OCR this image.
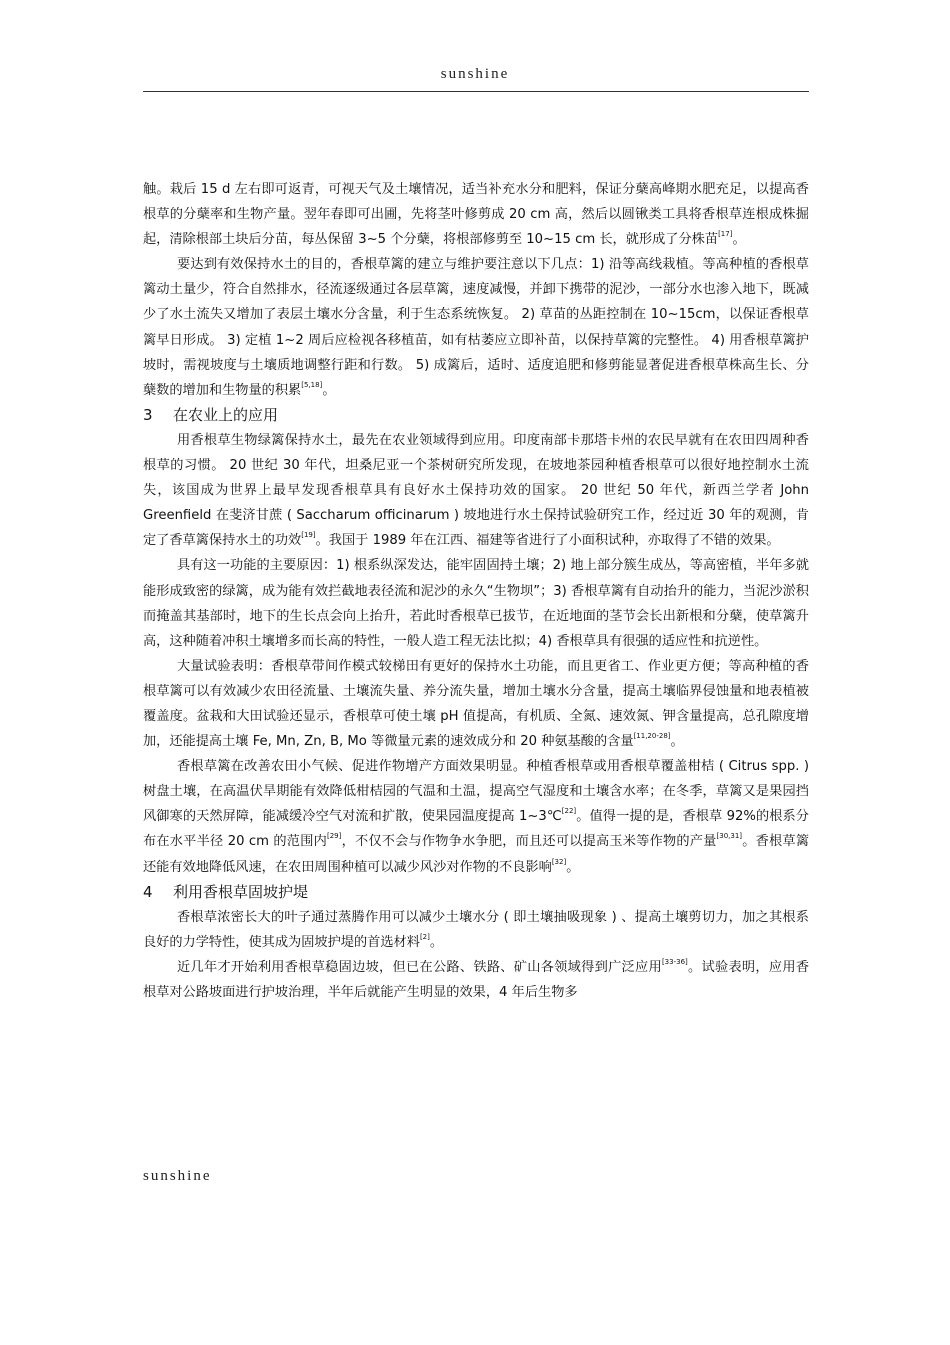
sunshine

触。栽后 15 d 左右即可返青，可视天气及土壤情况，适当补充水分和肥料，保证分蘖高峰期水肥充足，以提高香根草的分蘖率和生物产量。翌年春即可出圃，先将茎叶修剪成 20 cm 高，然后以圆锹类工具将香根草连根成株掘起，清除根部土块后分苗，每丛保留 3~5 个分蘖，将根部修剪至 10~15 cm 长，就形成了分株苗[17]。

要达到有效保持水土的目的，香根草篱的建立与维护要注意以下几点：1) 沿等高线栽植。等高种植的香根草篱动土量少，符合自然排水，径流逐级通过各层草篱，速度减慢，并卸下携带的泥沙，一部分水也渗入地下，既减少了水土流失又增加了表层土壤水分含量，利于生态系统恢复。 2) 草苗的丛距控制在 10~15cm，以保证香根草篱早日形成。 3) 定植 1~2 周后应检视各移植苗，如有枯萎应立即补苗，以保持草篱的完整性。 4) 用香根草篱护坡时，需视坡度与土壤质地调整行距和行数。 5) 成篱后，适时、适度追肥和修剪能显著促进香根草株高生长、分蘖数的增加和生物量的积累[5,18]。

3 在农业上的应用

用香根草生物绿篱保持水土，最先在农业领域得到应用。印度南部卡那塔卡州的农民早就有在农田四周种香根草的习惯。 20 世纪 30 年代，坦桑尼亚一个茶树研究所发现，在坡地茶园种植香根草可以很好地控制水土流失，该国成为世界上最早发现香根草具有良好水土保持功效的国家。 20 世纪 50 年代，新西兰学者 John Greenfield 在斐济甘蔗 ( Saccharum officinarum ) 坡地进行水土保持试验研究工作，经过近 30 年的观测，肯定了香草篱保持水土的功效[19]。我国于 1989 年在江西、福建等省进行了小面积试种，亦取得了不错的效果。

具有这一功能的主要原因：1) 根系纵深发达，能牢固固持土壤；2) 地上部分簇生成丛，等高密植，半年多就能形成致密的绿篱，成为能有效拦截地表径流和泥沙的永久“生物坝”；3) 香根草篱有自动抬升的能力，当泥沙淤积而掩盖其基部时，地下的生长点会向上抬升，若此时香根草已拔节，在近地面的茎节会长出新根和分蘖，使草篱升高，这种随着冲积土壤增多而长高的特性，一般人造工程无法比拟；4) 香根草具有很强的适应性和抗逆性。

大量试验表明：香根草带间作模式较梯田有更好的保持水土功能，而且更省工、作业更方便；等高种植的香根草篱可以有效减少农田径流量、土壤流失量、养分流失量，增加土壤水分含量，提高土壤临界侵蚀量和地表植被覆盖度。盆栽和大田试验还显示，香根草可使土壤 pH 值提高，有机质、全氮、速效氮、钾含量提高，总孔隙度增加，还能提高土壤 Fe, Mn, Zn, B, Mo 等微量元素的速效成分和 20 种氨基酸的含量[11,20-28]。

香根草篱在改善农田小气候、促进作物增产方面效果明显。种植香根草或用香根草覆盖柑桔 ( Citrus spp. ) 树盘土壤，在高温伏旱期能有效降低柑桔园的气温和土温，提高空气湿度和土壤含水率；在冬季，草篱又是果园挡风御寒的天然屏障，能减缓冷空气对流和扩散，使果园温度提高 1~3℃[22]。值得一提的是，香根草 92%的根系分布在水平半径 20 cm 的范围内[29]，不仅不会与作物争水争肥，而且还可以提高玉米等作物的产量[30,31]。香根草篱还能有效地降低风速，在农田周围种植可以减少风沙对作物的不良影响[32]。

4 利用香根草固坡护堤

香根草浓密长大的叶子通过蒸腾作用可以减少土壤水分 ( 即土壤抽吸现象 ) 、提高土壤剪切力，加之其根系良好的力学特性，使其成为固坡护堤的首选材料[2]。

近几年才开始利用香根草稳固边坡，但已在公路、铁路、矿山各领域得到广泛应用[33-36]。试验表明，应用香根草对公路坡面进行护坡治理，半年后就能产生明显的效果，4 年后生物多

sunshine
